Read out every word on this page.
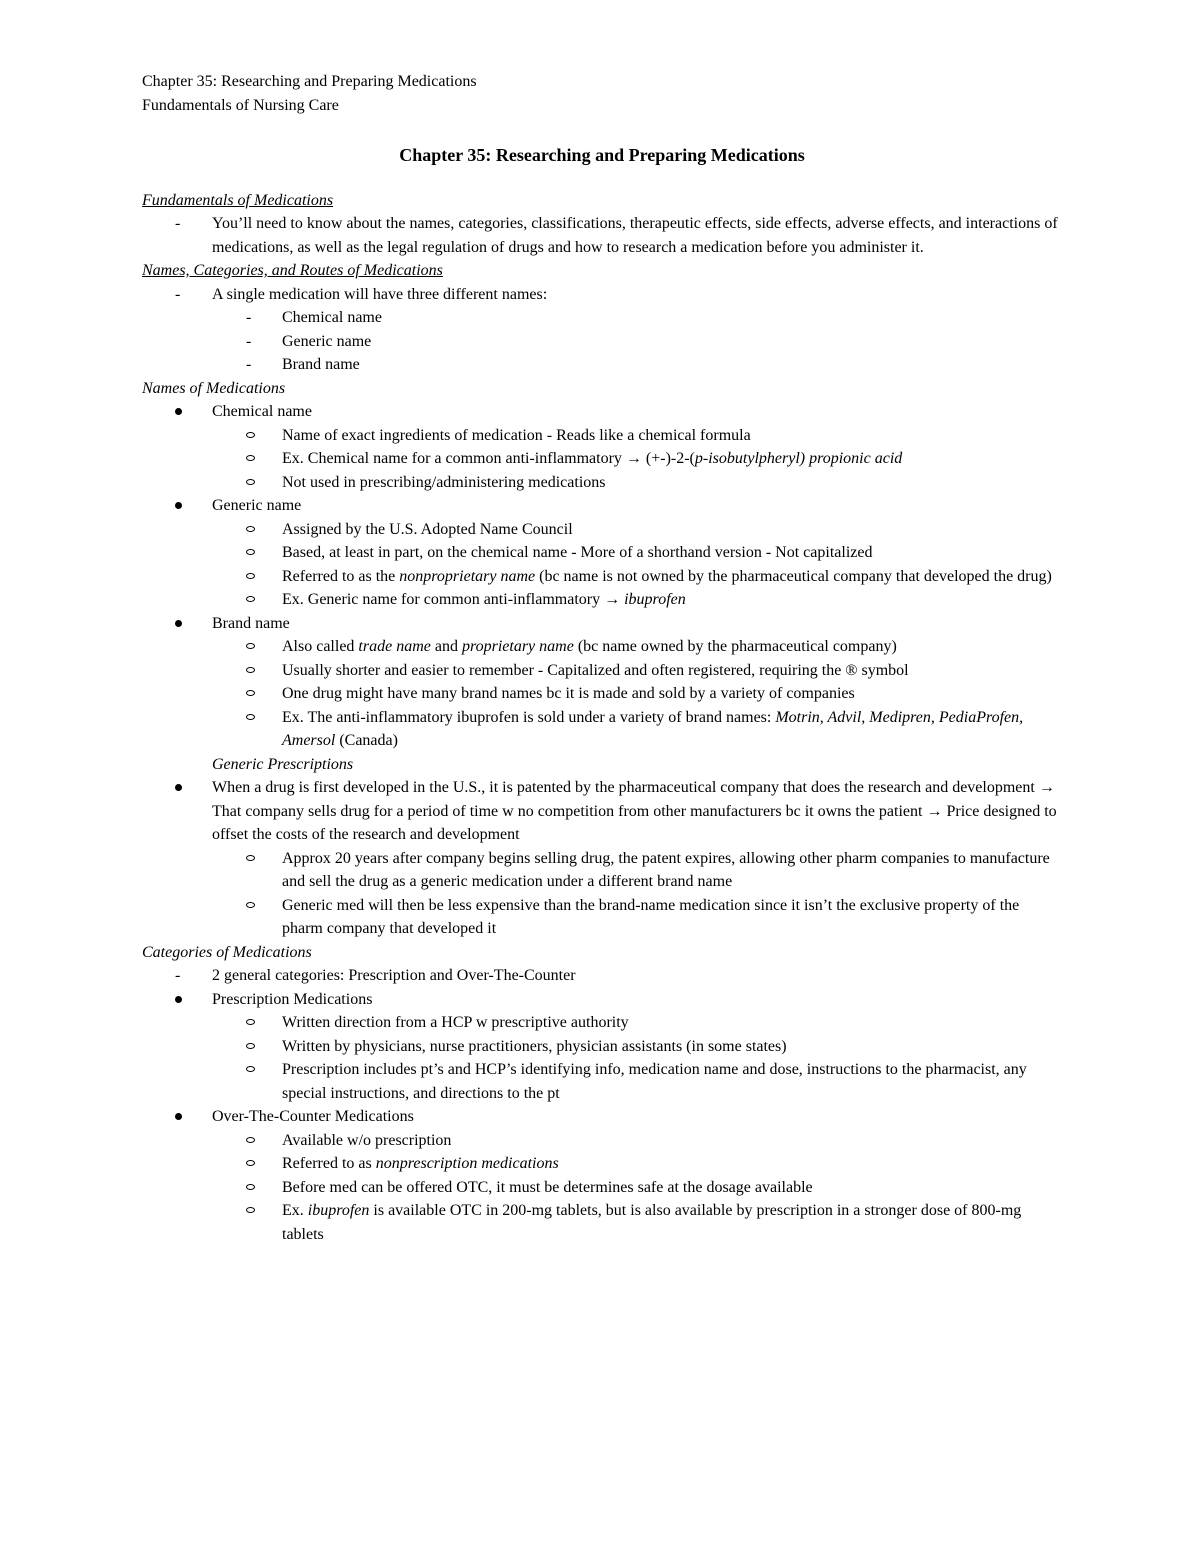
Chapter 35: Researching and Preparing Medications
Fundamentals of Nursing Care
Chapter 35: Researching and Preparing Medications
Fundamentals of Medications
-	You’ll need to know about the names, categories, classifications, therapeutic effects, side effects, adverse effects, and interactions of medications, as well as the legal regulation of drugs and how to research a medication before you administer it.
Names, Categories, and Routes of Medications
-	A single medication will have three different names:
-	Chemical name
-	Generic name
-	Brand name
Names of Medications
Chemical name
Name of exact ingredients of medication - Reads like a chemical formula
Ex. Chemical name for a common anti-inflammatory → (+-)-2-(p-isobutylpheryl) propionic acid
Not used in prescribing/administering medications
Generic name
Assigned by the U.S. Adopted Name Council
Based, at least in part, on the chemical name - More of a shorthand version - Not capitalized
Referred to as the nonproprietary name (bc name is not owned by the pharmaceutical company that developed the drug)
Ex. Generic name for common anti-inflammatory → ibuprofen
Brand name
Also called trade name and proprietary name (bc name owned by the pharmaceutical company)
Usually shorter and easier to remember - Capitalized and often registered, requiring the ® symbol
One drug might have many brand names bc it is made and sold by a variety of companies
Ex. The anti-inflammatory ibuprofen is sold under a variety of brand names: Motrin, Advil, Medipren, PediaProfen, Amersol (Canada)
Generic Prescriptions
When a drug is first developed in the U.S., it is patented by the pharmaceutical company that does the research and development → That company sells drug for a period of time w no competition from other manufacturers bc it owns the patient → Price designed to offset the costs of the research and development
Approx 20 years after company begins selling drug, the patent expires, allowing other pharm companies to manufacture and sell the drug as a generic medication under a different brand name
Generic med will then be less expensive than the brand-name medication since it isn’t the exclusive property of the pharm company that developed it
Categories of Medications
-	2 general categories: Prescription and Over-The-Counter
Prescription Medications
Written direction from a HCP w prescriptive authority
Written by physicians, nurse practitioners, physician assistants (in some states)
Prescription includes pt’s and HCP’s identifying info, medication name and dose, instructions to the pharmacist, any special instructions, and directions to the pt
Over-The-Counter Medications
Available w/o prescription
Referred to as nonprescription medications
Before med can be offered OTC, it must be determines safe at the dosage available
Ex. ibuprofen is available OTC in 200-mg tablets, but is also available by prescription in a stronger dose of 800-mg tablets
